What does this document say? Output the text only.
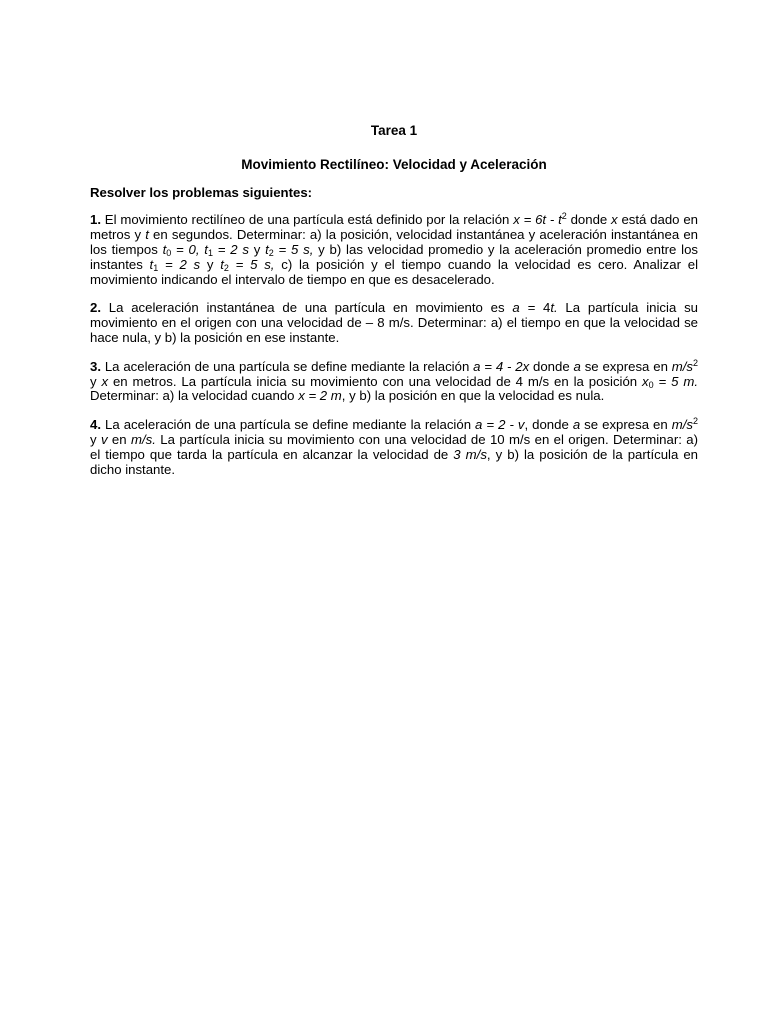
Tarea 1
Movimiento Rectilíneo: Velocidad y Aceleración
Resolver los problemas siguientes:

1. El movimiento rectilíneo de una partícula está definido por la relación $x = 6t - t^2$ donde x está dado en metros y t en segundos. Determinar: a) la posición, velocidad instantánea y aceleración instantánea en los tiempos $t_0 = 0$, $t_1 = 2$ s y $t_2 = 5$ s, y b) las velocidad promedio y la aceleración promedio entre los instantes $t_1 = 2$ s y $t_2 = 5$ s, c) la posición y el tiempo cuando la velocidad es cero. Analizar el movimiento indicando el intervalo de tiempo en que es desacelerado.

2. La aceleración instantánea de una partícula en movimiento es a = 4t. La partícula inicia su movimiento en el origen con una velocidad de – 8 m/s. Determinar: a) el tiempo en que la velocidad se hace nula, y b) la posición en ese instante.

3. La aceleración de una partícula se define mediante la relación a = 4 - 2x donde a se expresa en $m/s^2$ y x en metros. La partícula inicia su movimiento con una velocidad de 4 m/s en la posición $x_0 = 5$ m. Determinar: a) la velocidad cuando x = 2 m, y b) la posición en que la velocidad es nula.

4. La aceleración de una partícula se define mediante la relación a = 2 - v, donde a se expresa en $m/s^2$ y v en m/s. La partícula inicia su movimiento con una velocidad de 10 m/s en el origen. Determinar: a) el tiempo que tarda la partícula en alcanzar la velocidad de 3 m/s, y b) la posición de la partícula en dicho instante.
